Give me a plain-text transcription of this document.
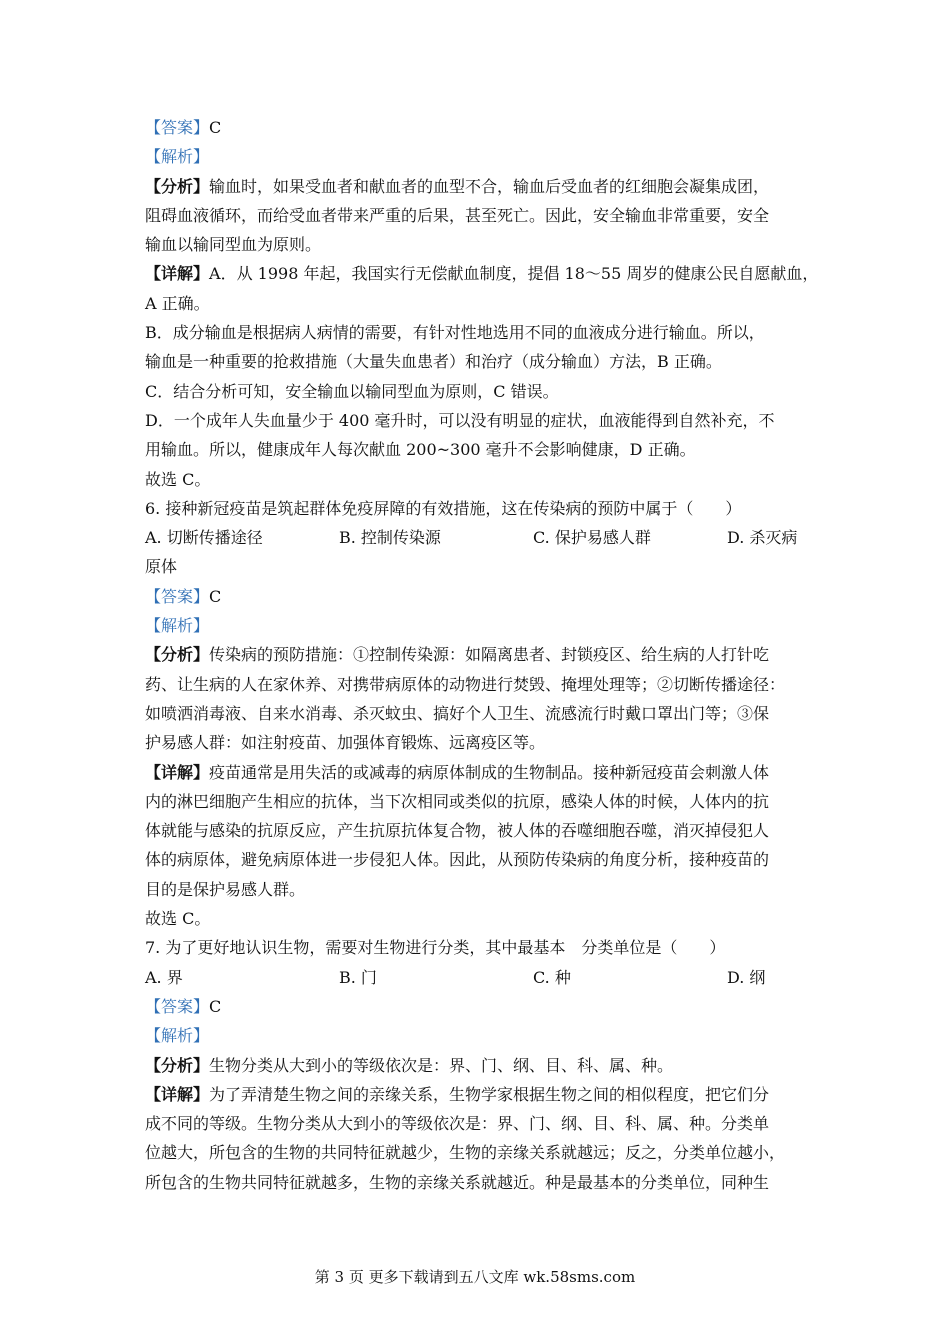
【答案】C
【解析】
【分析】输血时，如果受血者和献血者的血型不合，输血后受血者的红细胞会凝集成团，
阻碍血液循环，而给受血者带来严重的后果，甚至死亡。因此，安全输血非常重要，安全
输血以输同型血为原则。
【详解】A．从 1998 年起，我国实行无偿献血制度，提倡 18～55 周岁的健康公民自愿献血，
A 正确。
B．成分输血是根据病人病情的需要，有针对性地选用不同的血液成分进行输血。所以，
输血是一种重要的抢救措施（大量失血患者）和治疗（成分输血）方法，B 正确。
C．结合分析可知，安全输血以输同型血为原则，C 错误。
D．一个成年人失血量少于 400 毫升时，可以没有明显的症状，血液能得到自然补充，不
用输血。所以，健康成年人每次献血 200~300 毫升不会影响健康，D 正确。
故选 C。
6. 接种新冠疫苗是筑起群体免疫屏障的有效措施，这在传染病的预防中属于（　　）
A. 切断传播途径	B. 控制传染源	C. 保护易感人群	D. 杀灭病
原体
【答案】C
【解析】
【分析】传染病的预防措施：①控制传染源：如隔离患者、封锁疫区、给生病的人打针吃
药、让生病的人在家休养、对携带病原体的动物进行焚毁、掩埋处理等；②切断传播途径：
如喷洒消毒液、自来水消毒、杀灭蚊虫、搞好个人卫生、流感流行时戴口罩出门等；③保
护易感人群：如注射疫苗、加强体育锻炼、远离疫区等。
【详解】疫苗通常是用失活的或减毒的病原体制成的生物制品。接种新冠疫苗会刺激人体
内的淋巴细胞产生相应的抗体，当下次相同或类似的抗原，感染人体的时候，人体内的抗
体就能与感染的抗原反应，产生抗原抗体复合物，被人体的吞噬细胞吞噬，消灭掉侵犯人
体的病原体，避免病原体进一步侵犯人体。因此，从预防传染病的角度分析，接种疫苗的
目的是保护易感人群。
故选 C。
7. 为了更好地认识生物，需要对生物进行分类，其中最基本　分类单位是（　　）
A. 界	B. 门	C. 种	D. 纲
【答案】C
【解析】
【分析】生物分类从大到小的等级依次是：界、门、纲、目、科、属、种。
【详解】为了弄清楚生物之间的亲缘关系，生物学家根据生物之间的相似程度，把它们分
成不同的等级。生物分类从大到小的等级依次是：界、门、纲、目、科、属、种。分类单
位越大，所包含的生物的共同特征就越少，生物的亲缘关系就越远；反之，分类单位越小，
所包含的生物共同特征就越多，生物的亲缘关系就越近。种是最基本的分类单位，同种生
第 3 页 更多下载请到五八文库 wk.58sms.com
